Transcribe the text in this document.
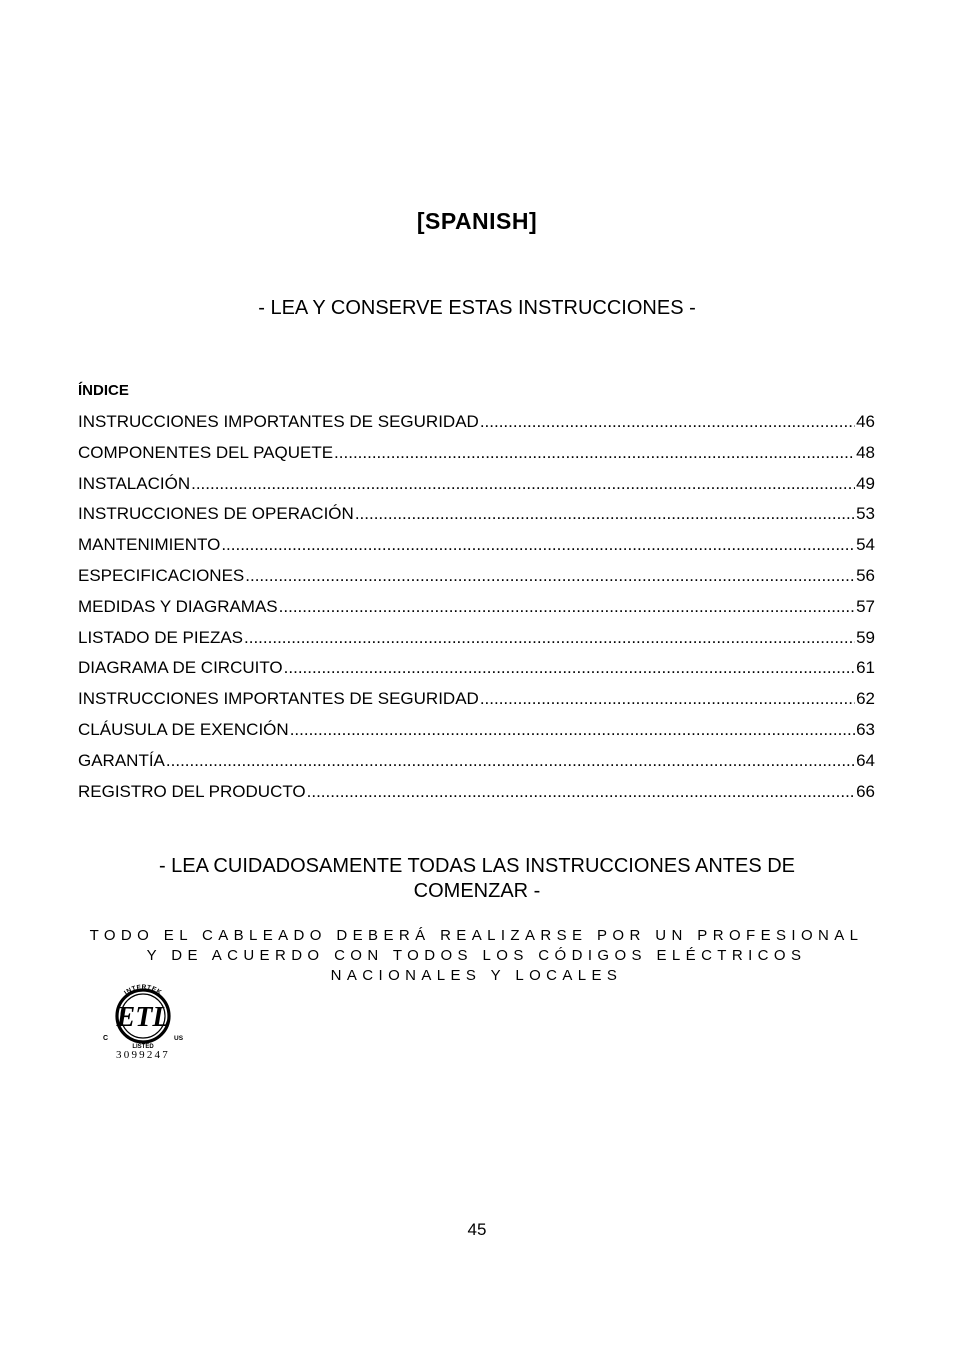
[SPANISH]
- LEA Y CONSERVE ESTAS INSTRUCCIONES -
ÍNDICE
INSTRUCCIONES IMPORTANTES DE SEGURIDAD .....	46
COMPONENTES DEL PAQUETE .....	48
INSTALACIÓN .....	49
INSTRUCCIONES DE OPERACIÓN .....	53
MANTENIMIENTO .....	54
ESPECIFICACIONES .....	56
MEDIDAS Y DIAGRAMAS .....	57
LISTADO DE PIEZAS .....	59
DIAGRAMA DE CIRCUITO .....	61
INSTRUCCIONES IMPORTANTES DE SEGURIDAD .....	62
CLÁUSULA DE EXENCIÓN .....	63
GARANTÍA .....	64
REGISTRO DEL PRODUCTO .....	66
- LEA CUIDADOSAMENTE TODAS LAS INSTRUCCIONES ANTES DE COMENZAR -
TODO EL CABLEADO DEBERÁ REALIZARSE POR UN PROFESIONAL Y DE ACUERDO CON TODOS LOS CÓDIGOS ELÉCTRICOS NACIONALES Y LOCALES
INTERTEK
ETL
C	US
LISTED
3099247
45
